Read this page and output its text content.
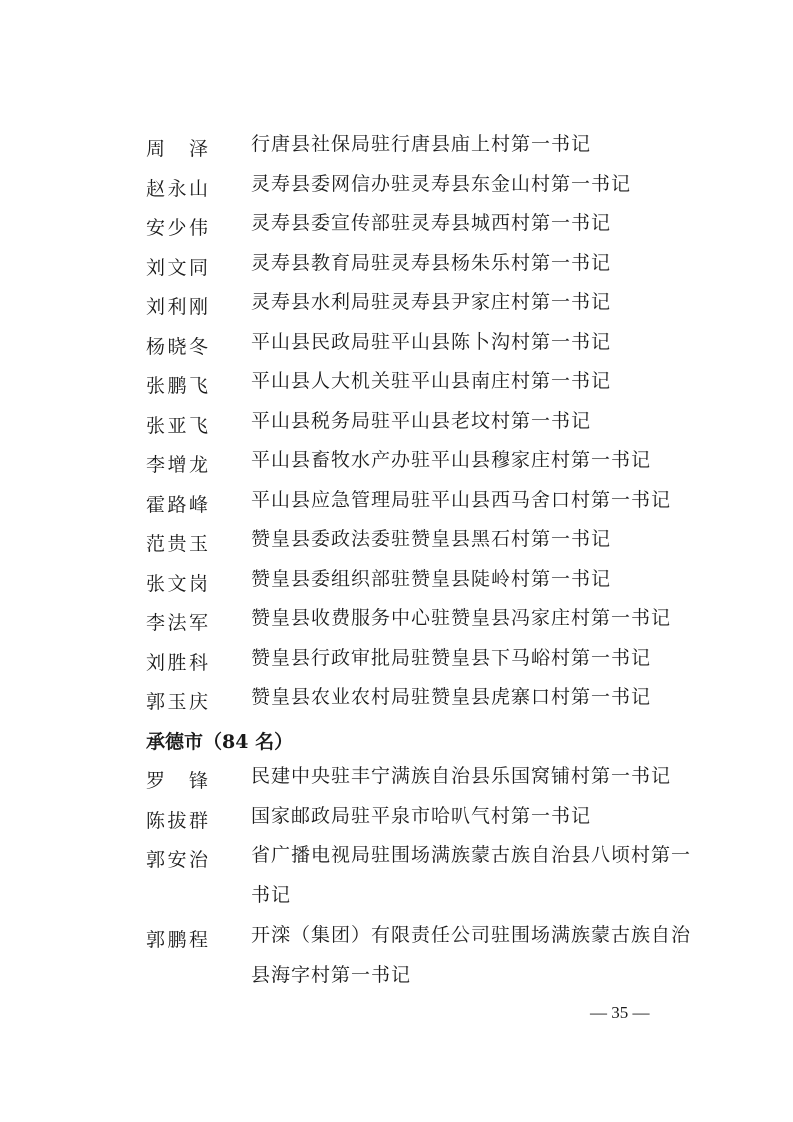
周　泽 行唐县社保局驻行唐县庙上村第一书记
赵永山 灵寿县委网信办驻灵寿县东金山村第一书记
安少伟 灵寿县委宣传部驻灵寿县城西村第一书记
刘文同 灵寿县教育局驻灵寿县杨朱乐村第一书记
刘利刚 灵寿县水利局驻灵寿县尹家庄村第一书记
杨晓冬 平山县民政局驻平山县陈卜沟村第一书记
张鹏飞 平山县人大机关驻平山县南庄村第一书记
张亚飞 平山县税务局驻平山县老坟村第一书记
李增龙 平山县畜牧水产办驻平山县穆家庄村第一书记
霍路峰 平山县应急管理局驻平山县西马舍口村第一书记
范贵玉 赞皇县委政法委驻赞皇县黑石村第一书记
张文岗 赞皇县委组织部驻赞皇县陡岭村第一书记
李法军 赞皇县收费服务中心驻赞皇县冯家庄村第一书记
刘胜科 赞皇县行政审批局驻赞皇县下马峪村第一书记
郭玉庆 赞皇县农业农村局驻赞皇县虎寨口村第一书记
承德市（84 名）
罗　锋 民建中央驻丰宁满族自治县乐国窝铺村第一书记
陈拔群 国家邮政局驻平泉市哈叭气村第一书记
郭安治 省广播电视局驻围场满族蒙古族自治县八顷村第一书记
郭鹏程 开滦（集团）有限责任公司驻围场满族蒙古族自治县海字村第一书记
— 35 —
